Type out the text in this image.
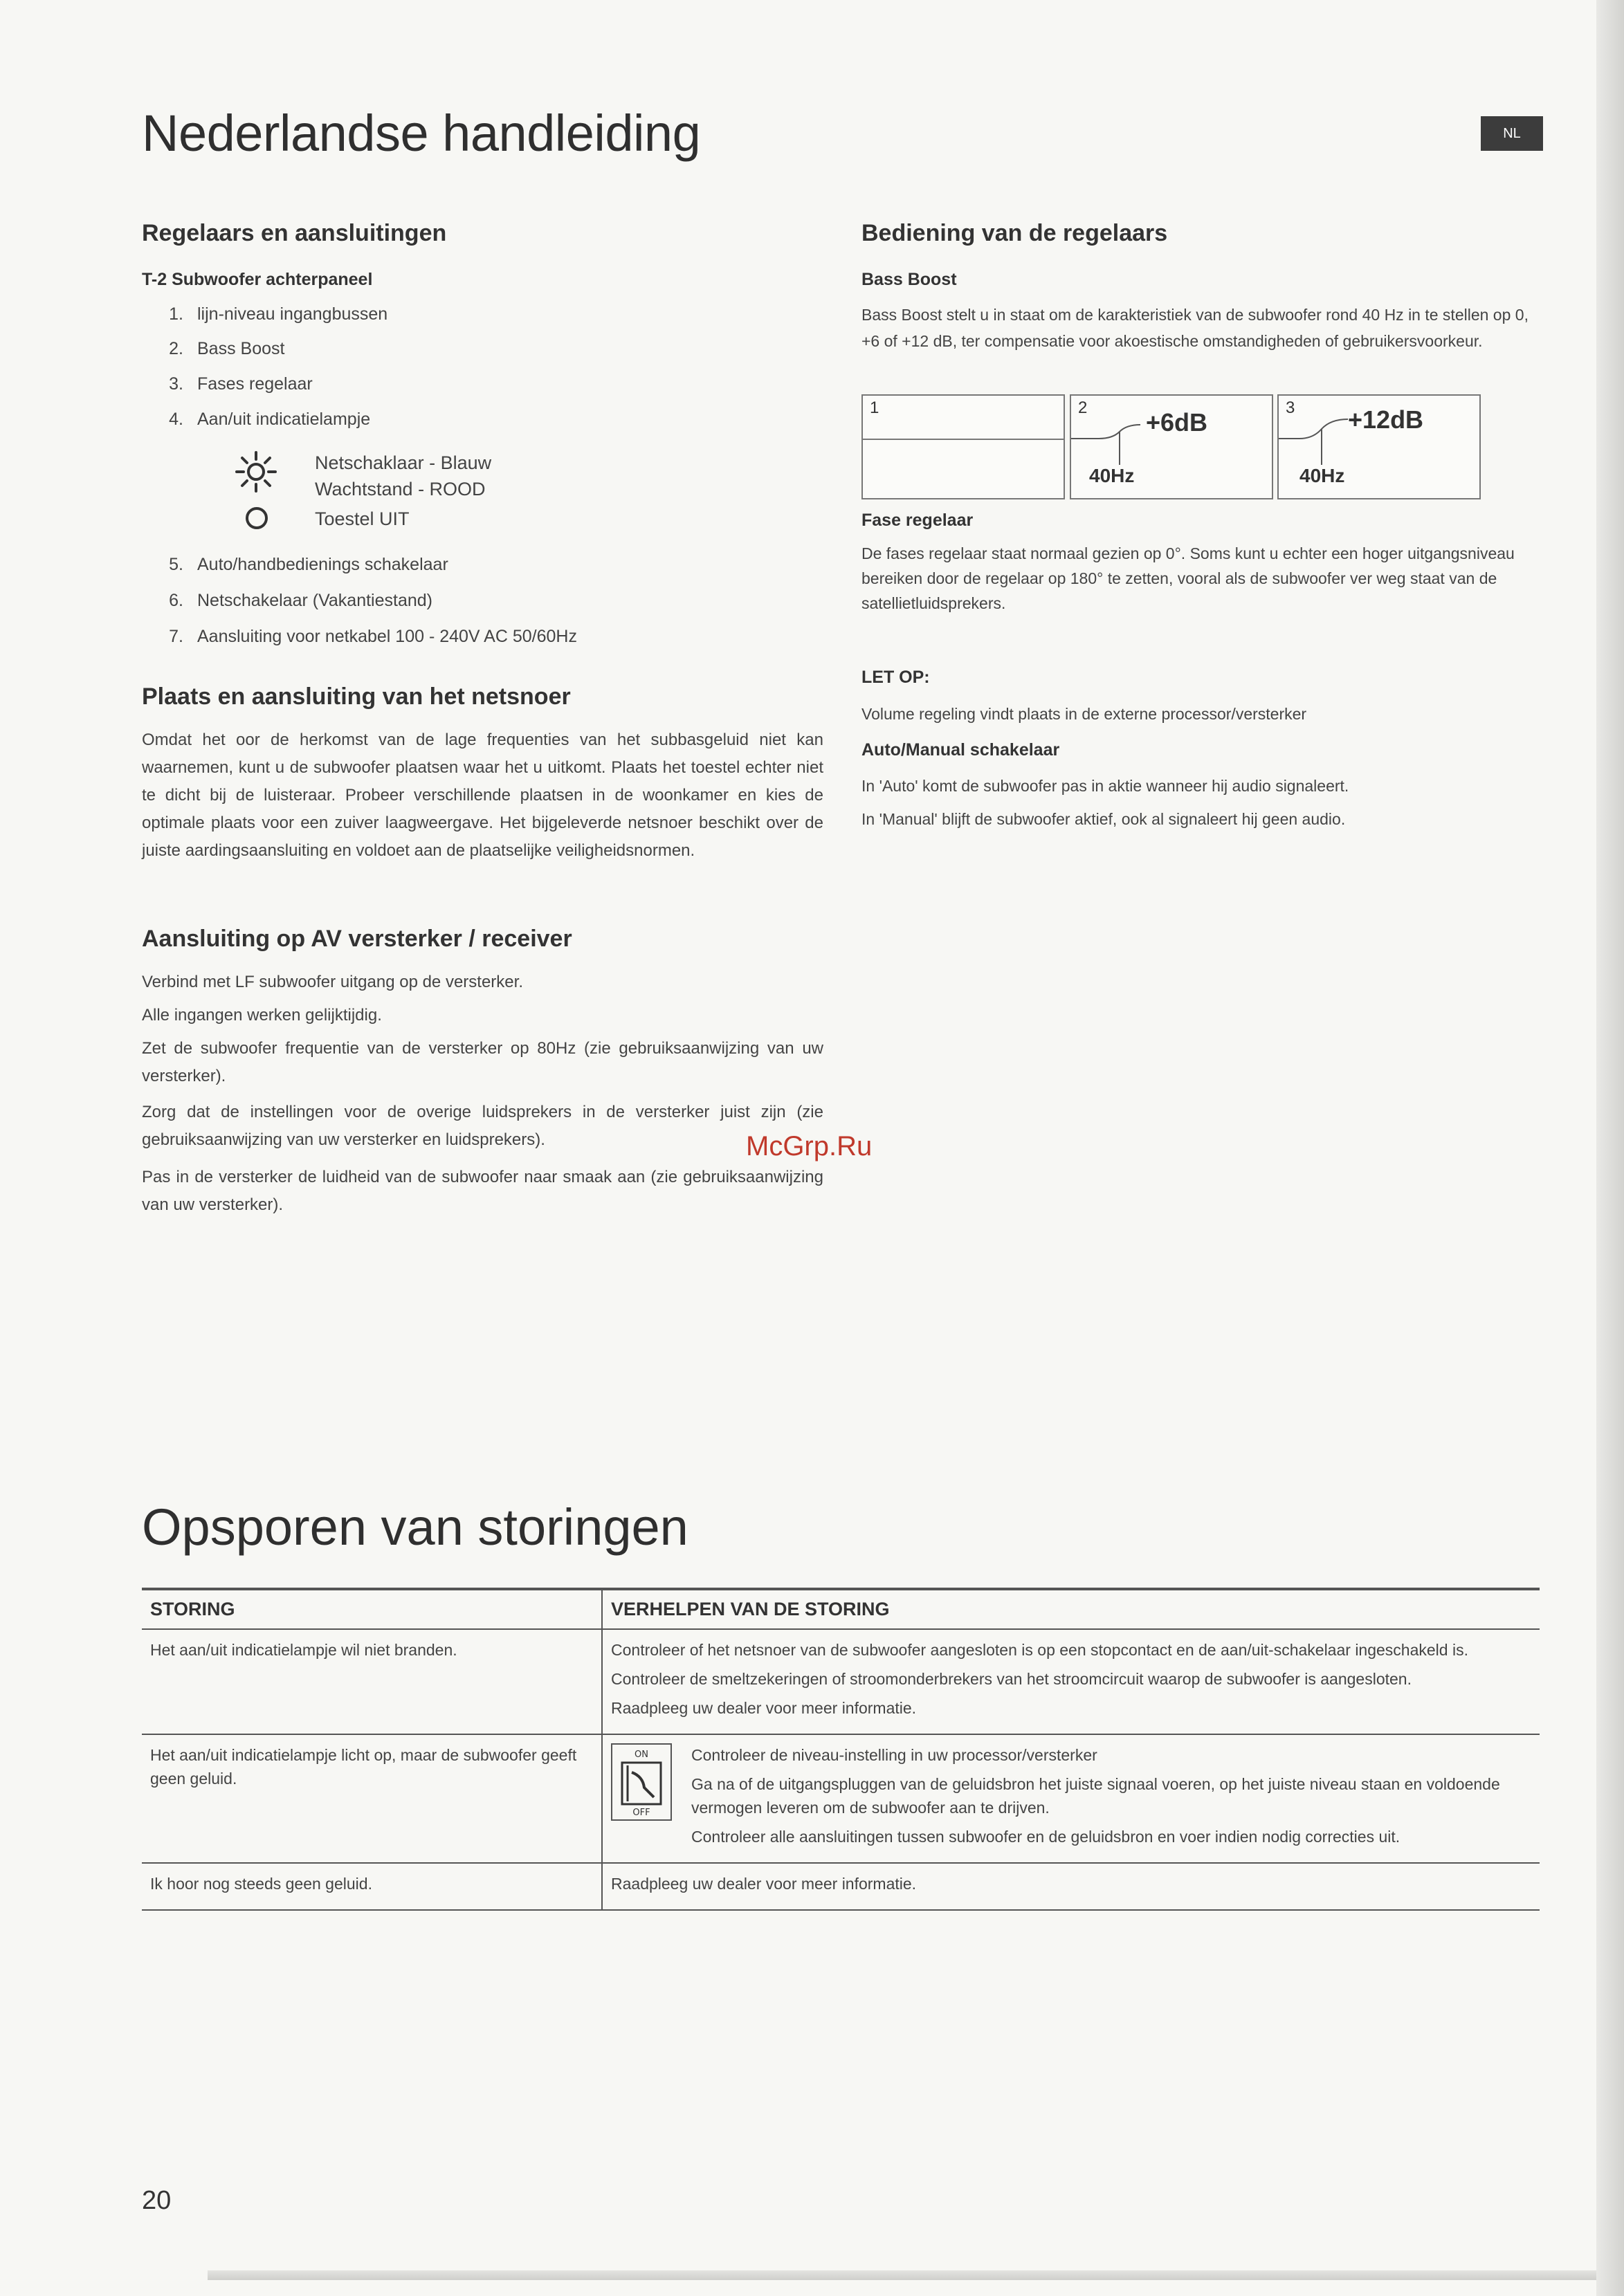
Nederlandse handleiding	NL
Regelaars en aansluitingen
T-2 Subwoofer achterpaneel
1. lijn-niveau ingangbussen
2. Bass Boost
3. Fases regelaar
4. Aan/uit indicatielampje
Netschaklaar - Blauw
Wachtstand - ROOD
Toestel UIT
5. Auto/handbedienings schakelaar
6. Netschakelaar (Vakantiestand)
7. Aansluiting voor netkabel 100 - 240V AC 50/60Hz
Plaats en aansluiting van het netsnoer
Omdat het oor de herkomst van de lage frequenties van het subbasgeluid niet kan waarnemen, kunt u de subwoofer plaatsen waar het u uitkomt. Plaats het toestel echter niet te dicht bij de luisteraar. Probeer verschillende plaatsen in de woonkamer en kies de optimale plaats voor een zuiver laagweergave. Het bijgeleverde netsnoer beschikt over de juiste aardingsaansluiting en voldoet aan de plaatselijke veiligheidsnormen.
Aansluiting op AV versterker / receiver
Verbind met LF subwoofer uitgang op de versterker.
Alle ingangen werken gelijktijdig.
Zet de subwoofer frequentie van de versterker op 80Hz (zie gebruiksaanwijzing van uw versterker).
Zorg dat de instellingen voor de overige luidsprekers in de versterker juist zijn (zie gebruiksaanwijzing van uw versterker en luidsprekers).
Pas in de versterker de luidheid van de subwoofer naar smaak aan (zie gebruiksaanwijzing van uw versterker).
Bediening van de regelaars
Bass Boost
Bass Boost stelt u in staat om de karakteristiek van de subwoofer rond 40 Hz in te stellen op 0, +6 of +12 dB, ter compensatie voor akoestische omstandigheden of gebruikersvoorkeur.
1	2
+6dB
40Hz
3 +12dB
40Hz
Fase regelaar
De fases regelaar staat normaal gezien op 0°. Soms kunt u echter een hoger uitgangsniveau bereiken door de regelaar op 180° te zetten, vooral als de subwoofer ver weg staat van de satellietluidsprekers.
LET OP:
Volume regeling vindt plaats in de externe processor/versterker
Auto/Manual schakelaar
In 'Auto' komt de subwoofer pas in aktie wanneer hij audio signaleert.
In 'Manual' blijft de subwoofer aktief, ook al signaleert hij geen audio.
McGrp.Ru
Opsporen van storingen
STORING	VERHELPEN VAN DE STORING
Het aan/uit indicatielampje wil niet branden.	Controleer of het netsnoer van de subwoofer aangesloten is op een stopcontact en de aan/uit-schakelaar ingeschakeld is.
Controleer de smeltzekeringen of stroomonderbrekers van het stroomcircuit waarop de subwoofer is aangesloten.
Raadpleeg uw dealer voor meer informatie.

Het aan/uit indicatielampje licht op, maar de subwoofer geeft geen geluid.	ON
OFF
Controleer de niveau-instelling in uw processor/versterker
Ga na of de uitgangspluggen van de geluidsbron het juiste signaal voeren, op het juiste niveau staan en voldoende vermogen leveren om de subwoofer aan te drijven.
Controleer alle aansluitingen tussen subwoofer en de geluidsbron en voer indien nodig correcties uit.

Ik hoor nog steeds geen geluid.	Raadpleeg uw dealer voor meer informatie.
20
